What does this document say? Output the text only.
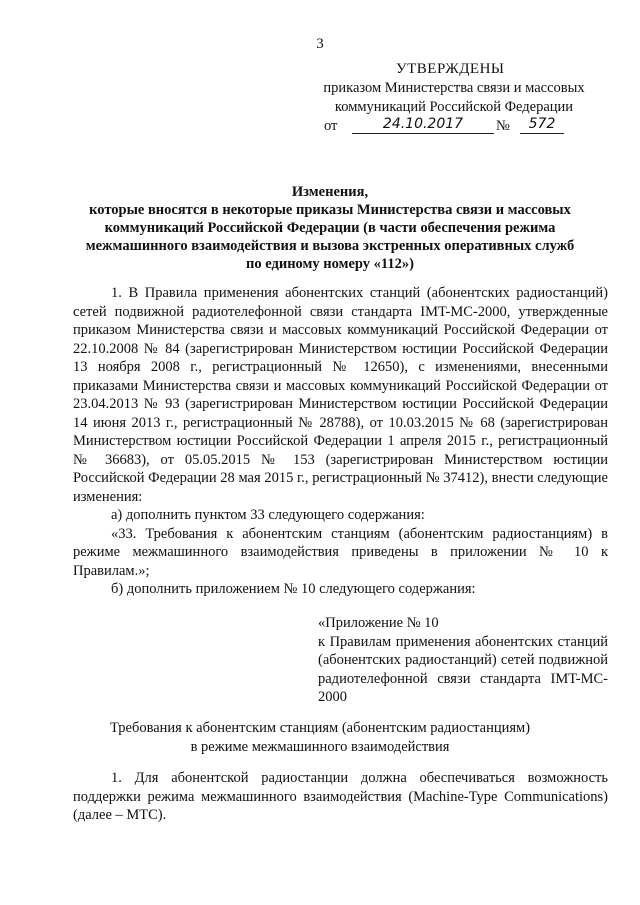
3
УТВЕРЖДЕНЫ
приказом Министерства связи и массовых
коммуникаций Российской Федерации
от	24.10.2017	№	572
Изменения,
которые вносятся в некоторые приказы Министерства связи и массовых
коммуникаций Российской Федерации (в части обеспечения режима
межмашинного взаимодействия и вызова экстренных оперативных служб
по единому номеру «112»)

1. В Правила применения абонентских станций (абонентских радиостанций) сетей подвижной радиотелефонной связи стандарта IMT-MC-2000, утвержденные приказом Министерства связи и массовых коммуникаций Российской Федерации от 22.10.2008 № 84 (зарегистрирован Министерством юстиции Российской Федерации 13 ноября 2008 г., регистрационный № 12650), с изменениями, внесенными приказами Министерства связи и массовых коммуникаций Российской Федерации от 23.04.2013 № 93 (зарегистрирован Министерством юстиции Российской Федерации 14 июня 2013 г., регистрационный № 28788), от 10.03.2015 № 68 (зарегистрирован Министерством юстиции Российской Федерации 1 апреля 2015 г., регистрационный № 36683), от 05.05.2015 № 153 (зарегистрирован Министерством юстиции Российской Федерации 28 мая 2015 г., регистрационный № 37412), внести следующие изменения:

а) дополнить пунктом 33 следующего содержания:

«33. Требования к абонентским станциям (абонентским радиостанциям) в режиме межмашинного взаимодействия приведены в приложении № 10 к Правилам.»;

б) дополнить приложением № 10 следующего содержания:

«Приложение № 10

к Правилам применения абонентских станций (абонентских радиостанций) сетей подвижной радиотелефонной связи стандарта IMT-MC-2000

Требования к абонентским станциям (абонентским радиостанциям)
в режиме межмашинного взаимодействия

1. Для абонентской радиостанции должна обеспечиваться возможность поддержки режима межмашинного взаимодействия (Machine-Type Communications) (далее – MTC).
